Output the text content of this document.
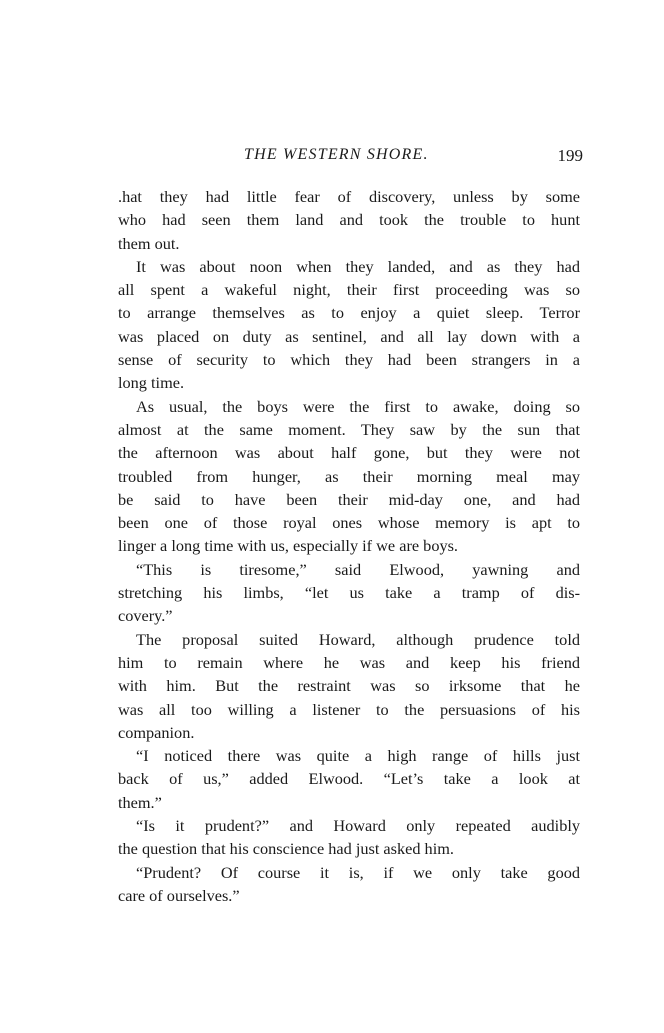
THE WESTERN SHORE.	199
.hat they had little fear of discovery, unless by some
who had seen them land and took the trouble to hunt
them out.
It was about noon when they landed, and as they had
all spent a wakeful night, their first proceeding was so
to arrange themselves as to enjoy a quiet sleep. Terror
was placed on duty as sentinel, and all lay down with a
sense of security to which they had been strangers in a
long time.
As usual, the boys were the first to awake, doing so
almost at the same moment. They saw by the sun that
the afternoon was about half gone, but they were not
troubled from hunger, as their morning meal may
be said to have been their mid-day one, and had
been one of those royal ones whose memory is apt to
linger a long time with us, especially if we are boys.
“This is tiresome,” said Elwood, yawning and
stretching his limbs, “let us take a tramp of dis-
covery.”
The proposal suited Howard, although prudence told
him to remain where he was and keep his friend
with him. But the restraint was so irksome that he
was all too willing a listener to the persuasions of his
companion.
“I noticed there was quite a high range of hills just
back of us,” added Elwood. “Let’s take a look at
them.”
“Is it prudent?” and Howard only repeated audibly
the question that his conscience had just asked him.
“Prudent? Of course it is, if we only take good
care of ourselves.”
